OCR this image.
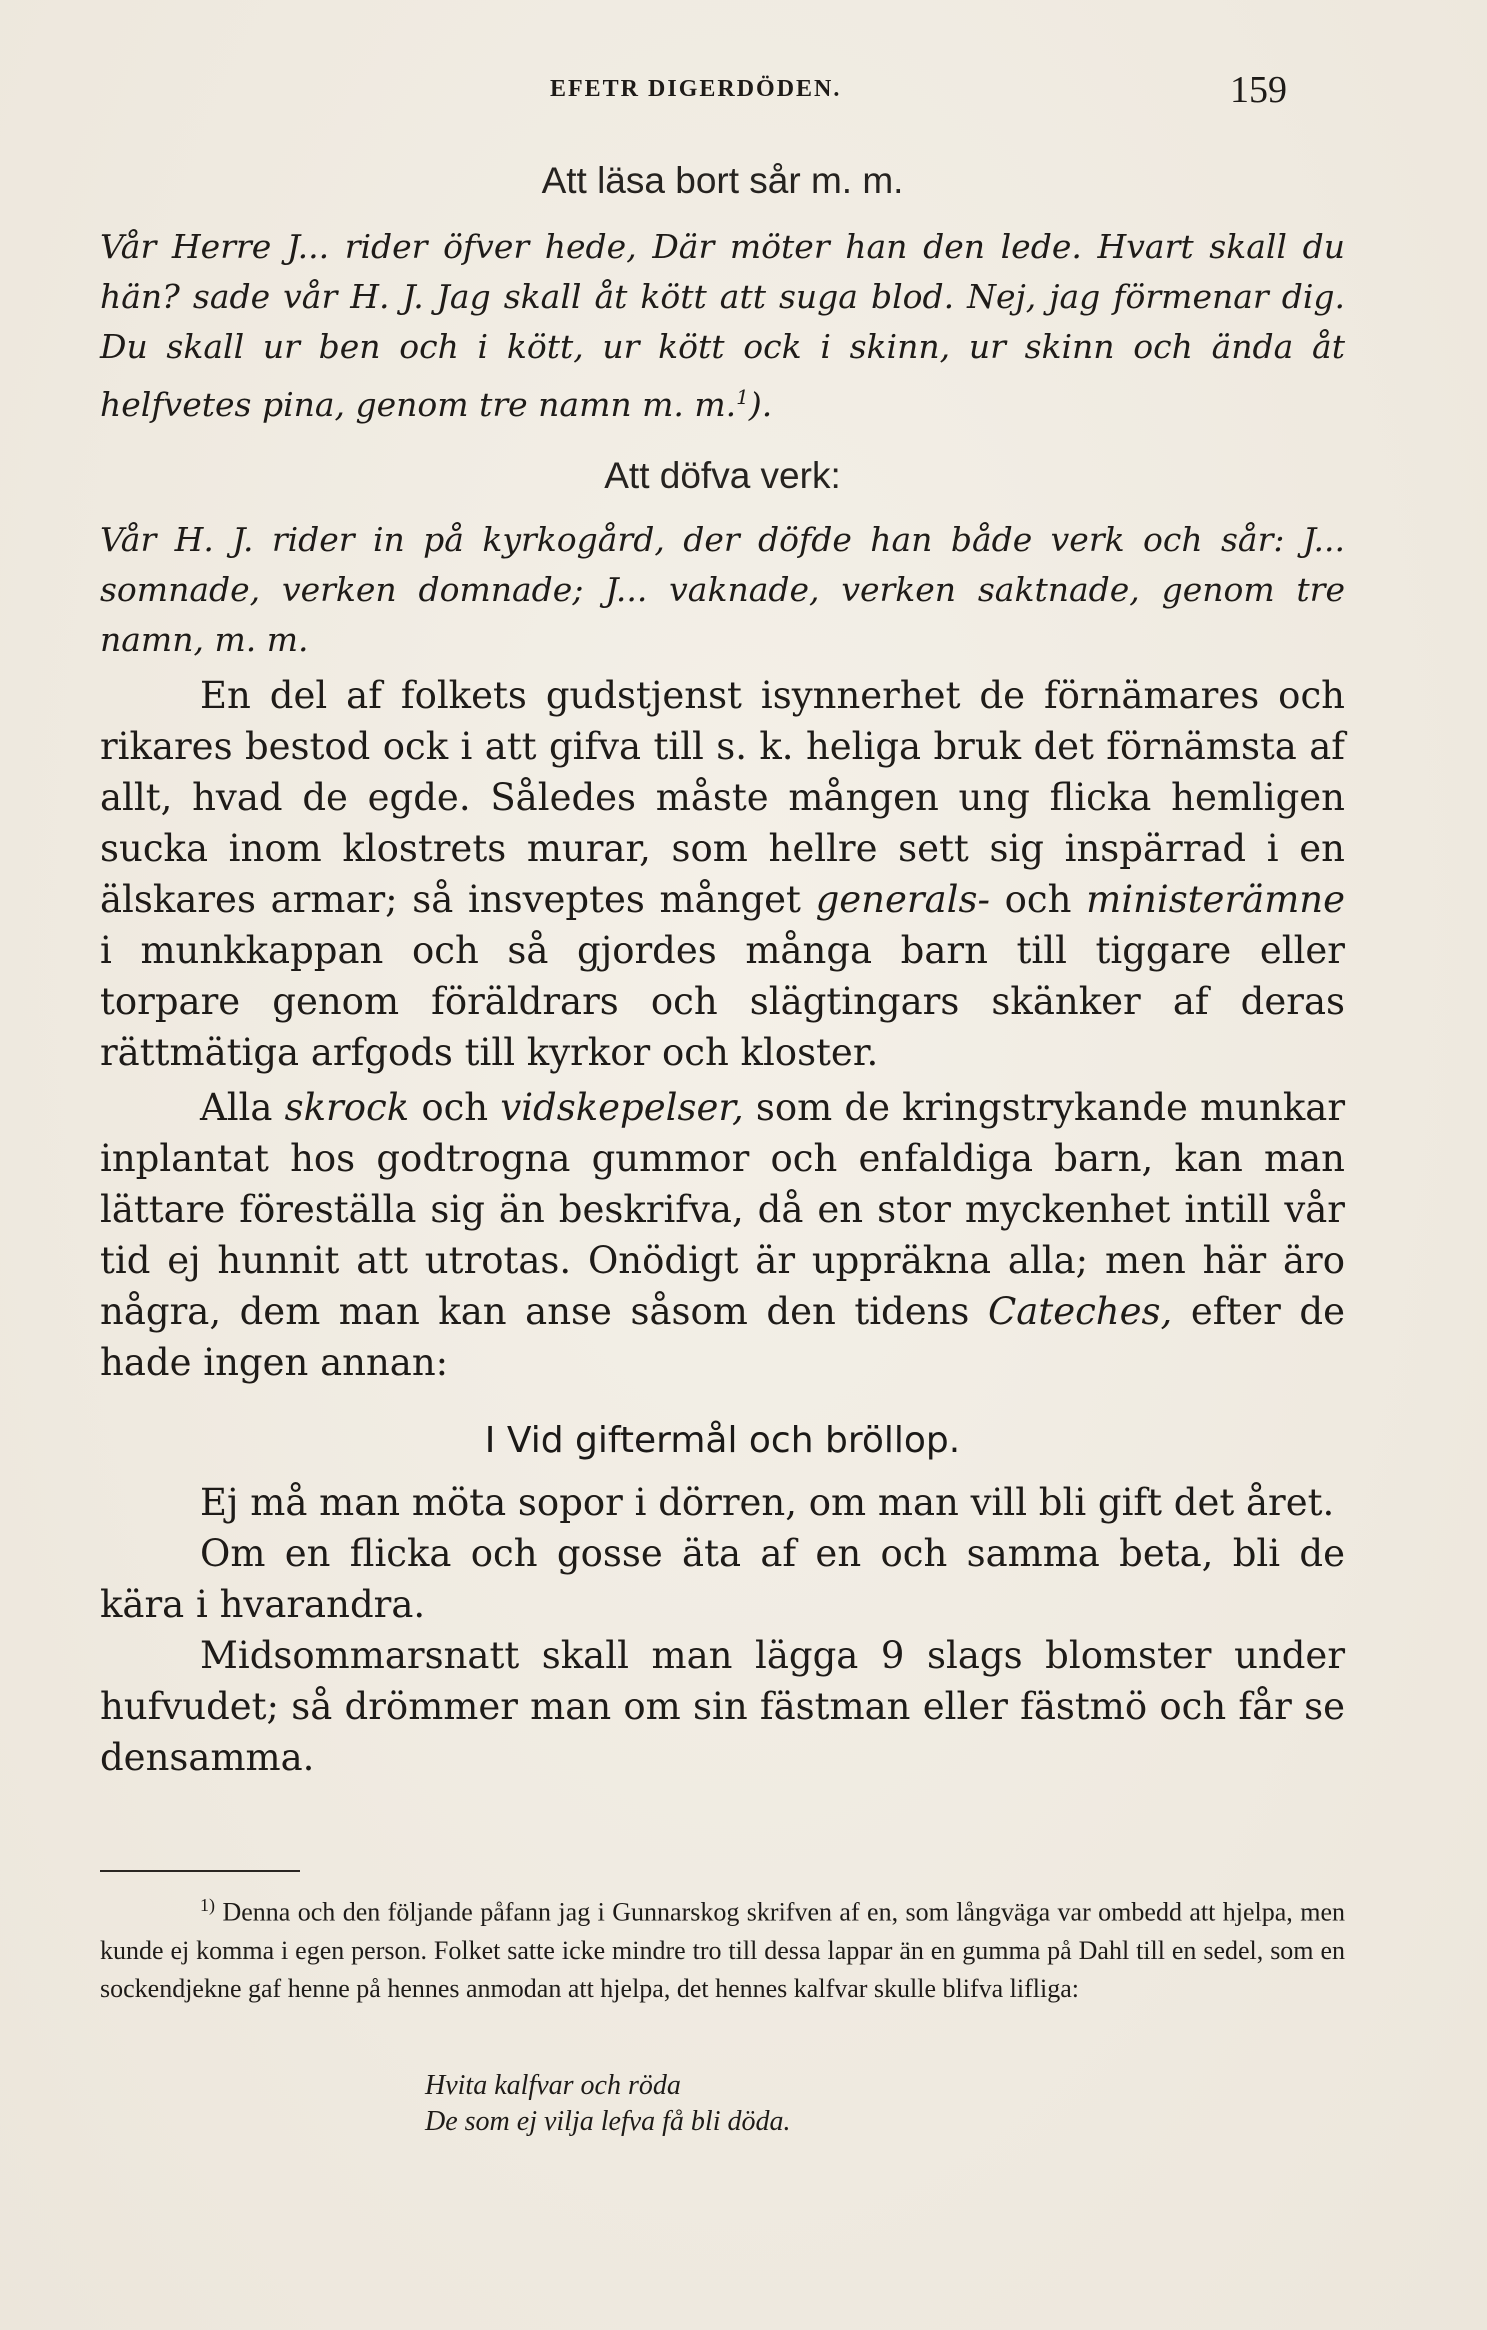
EFETR DIGERDÖDEN.	159
Att läsa bort sår m. m.
Vår Herre J... rider öfver hede, Där möter han den lede. Hvart skall du hän? sade vår H. J. Jag skall åt kött att suga blod. Nej, jag förmenar dig. Du skall ur ben och i kött, ur kött ock i skinn, ur skinn och ända åt helfvetes pina, genom tre namn m. m.$^1$).
Att döfva verk:
Vår H. J. rider in på kyrkogård, der döfde han både verk och sår: J... somnade, verken domnade; J... vaknade, verken saktnade, genom tre namn, m. m.
En del af folkets gudstjenst isynnerhet de förnämares och rikares bestod ock i att gifva till s. k. heliga bruk det förnämsta af allt, hvad de egde. Således måste mången ung flicka hemligen sucka inom klostrets murar, som hellre sett sig inspärrad i en älskares armar; så insveptes månget generals- och ministerämne i munkkappan och så gjordes många barn till tiggare eller torpare genom föräldrars och slägtingars skänker af deras rättmätiga arfgods till kyrkor och kloster.
Alla skrock och vidskepelser, som de kringstrykande munkar inplantat hos godtrogna gummor och enfaldiga barn, kan man lättare föreställa sig än beskrifva, då en stor myckenhet intill vår tid ej hunnit att utrotas. Onödigt är uppräkna alla; men här äro några, dem man kan anse såsom den tidens Cateches, efter de hade ingen annan:
I Vid giftermål och bröllop.
Ej må man möta sopor i dörren, om man vill bli gift det året.
Om en flicka och gosse äta af en och samma beta, bli de kära i hvarandra.
Midsommarsnatt skall man lägga 9 slags blomster under hufvudet; så drömmer man om sin fästman eller fästmö och får se densamma.
$^{1)}$ Denna och den följande påfann jag i Gunnarskog skrifven af en, som långväga var ombedd att hjelpa, men kunde ej komma i egen person. Folket satte icke mindre tro till dessa lappar än en gumma på Dahl till en sedel, som en sockendjekne gaf henne på hennes anmodan att hjelpa, det hennes kalfvar skulle blifva lifliga:
Hvita kalfvar och röda
De som ej vilja lefva få bli döda.
